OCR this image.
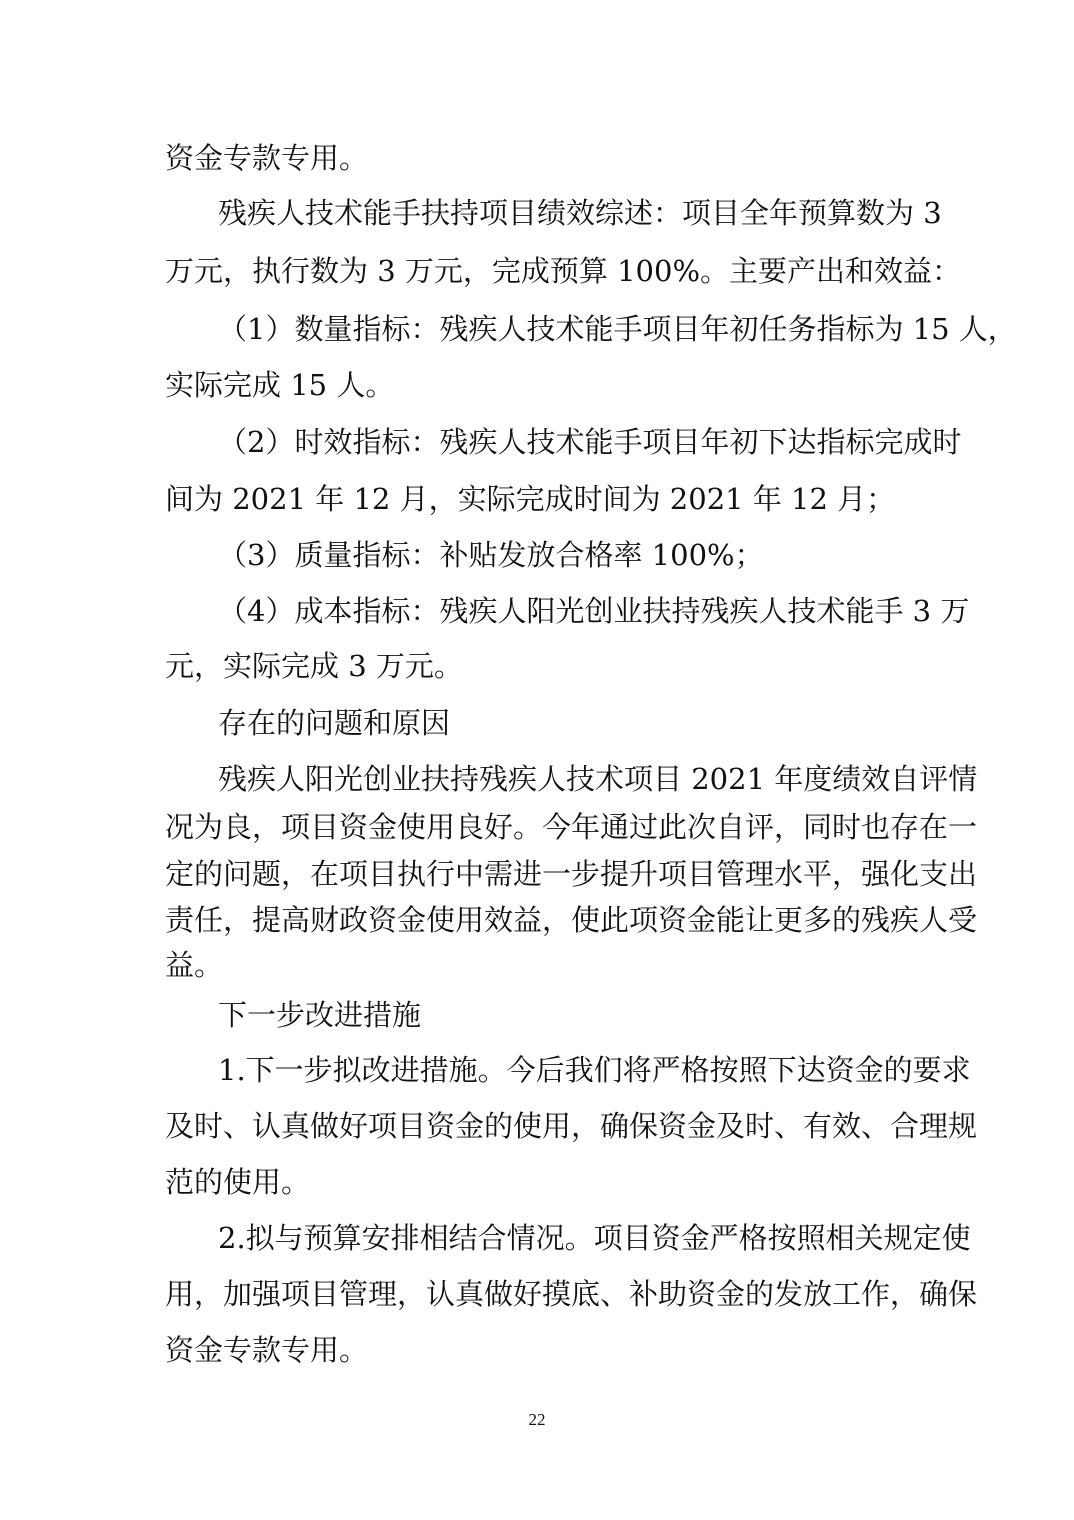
资金专款专用。
残疾人技术能手扶持项目绩效综述：项目全年预算数为 3
万元，执行数为 3 万元，完成预算 100%。主要产出和效益：
（1）数量指标：残疾人技术能手项目年初任务指标为 15 人，
实际完成 15 人。
（2）时效指标：残疾人技术能手项目年初下达指标完成时
间为 2021 年 12 月，实际完成时间为 2021 年 12 月；
（3）质量指标：补贴发放合格率 100%；
（4）成本指标：残疾人阳光创业扶持残疾人技术能手 3 万
元，实际完成 3 万元。
存在的问题和原因
残疾人阳光创业扶持残疾人技术项目 2021 年度绩效自评情
况为良，项目资金使用良好。今年通过此次自评，同时也存在一
定的问题，在项目执行中需进一步提升项目管理水平，强化支出
责任，提高财政资金使用效益，使此项资金能让更多的残疾人受
益。
下一步改进措施
1.下一步拟改进措施。今后我们将严格按照下达资金的要求
及时、认真做好项目资金的使用，确保资金及时、有效、合理规
范的使用。
2.拟与预算安排相结合情况。项目资金严格按照相关规定使
用，加强项目管理，认真做好摸底、补助资金的发放工作，确保
资金专款专用。
22
